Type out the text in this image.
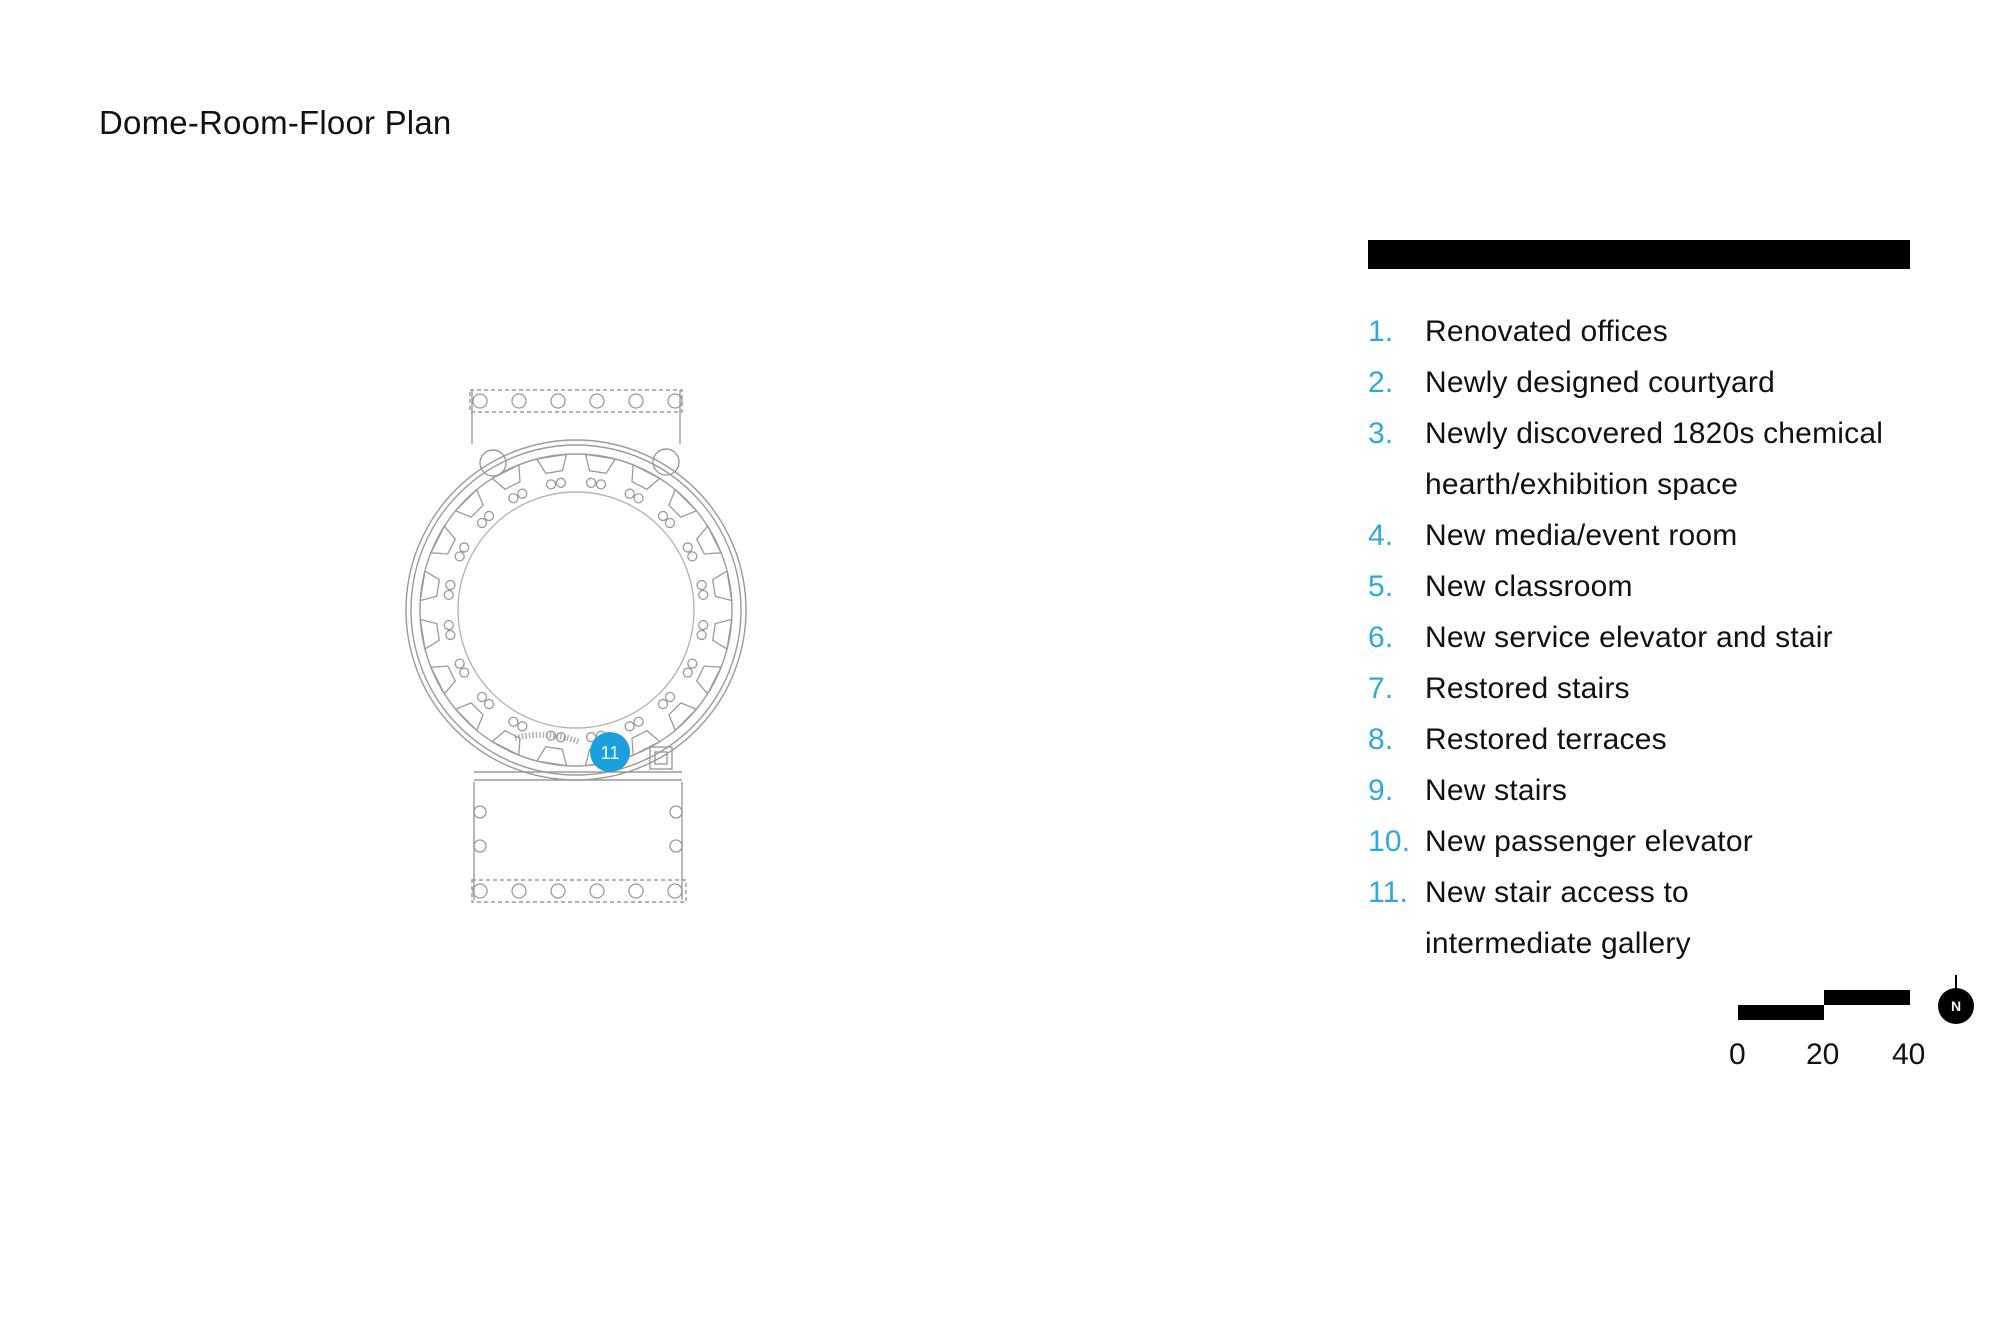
Dome-Room-Floor Plan
11
1.	Renovated offices
2.	Newly designed courtyard
3.	Newly discovered 1820s chemical
hearth/exhibition space
4.	New media/event room
5.	New classroom
6.	New service elevator and stair
7.	Restored stairs
8.	Restored terraces
9.	New stairs
10. New passenger elevator
11. New stair access to
intermediate gallery
0 20 40
N
